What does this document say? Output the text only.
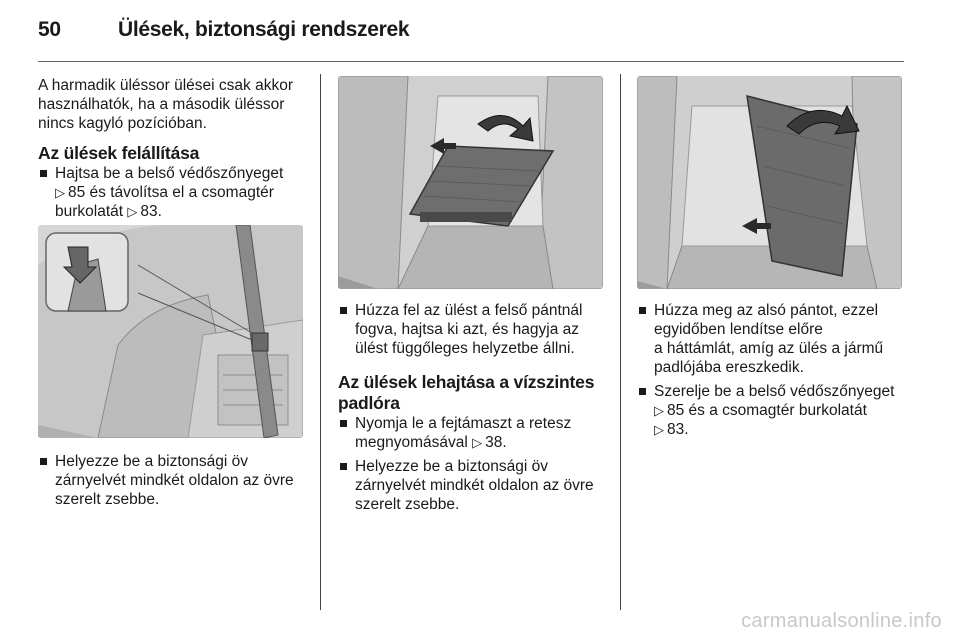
50	Ülések, biztonsági rendszerek

A harmadik üléssor ülései csak akkor
használhatók, ha a második üléssor
nincs kagyló pozícióban.

Az ülések felállítása
Hajtsa be a belső védőszőnyeget
▷ 85 és távolítsa el a csomagtér
burkolatát ▷ 83.
Helyezze be a biztonsági öv
zárnyelvét mindkét oldalon az övre
szerelt zsebbe.
Húzza fel az ülést a felső pántnál
fogva, hajtsa ki azt, és hagyja az
ülést függőleges helyzetbe állni.
Az ülések lehajtása a vízszintes
padlóra
Nyomja le a fejtámaszt a retesz
megnyomásával ▷ 38.
Helyezze be a biztonsági öv
zárnyelvét mindkét oldalon az övre
szerelt zsebbe.
Húzza meg az alsó pántot, ezzel
egyidőben lendítse előre
a háttámlát, amíg az ülés a jármű
padlójába ereszkedik.
Szerelje be a belső védőszőnyeget
▷ 85 és a csomagtér burkolatát
▷ 83.
carmanualsonline.info
